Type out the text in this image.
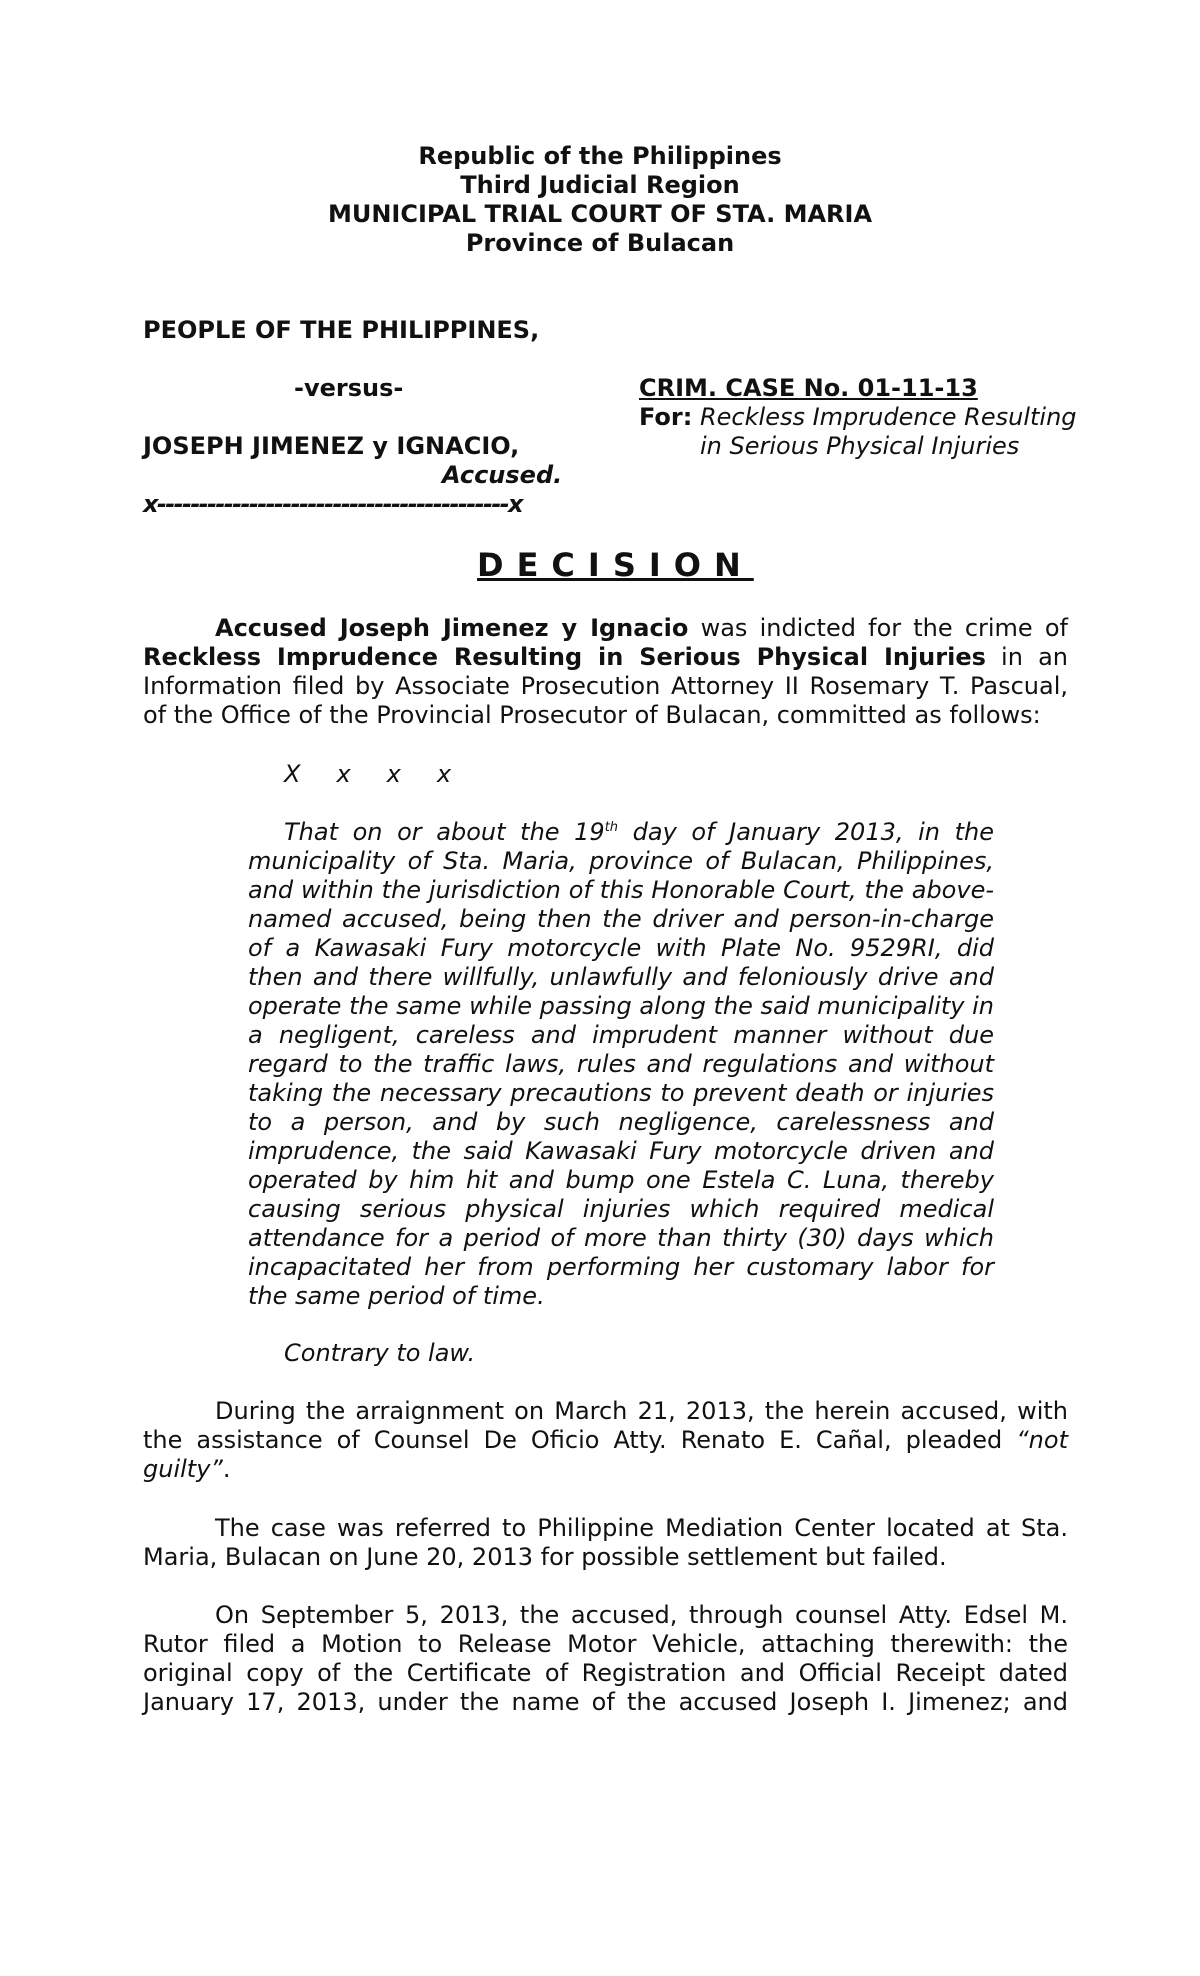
Republic of the Philippines
Third Judicial Region
MUNICIPAL TRIAL COURT OF STA. MARIA
Province of Bulacan
PEOPLE OF THE PHILIPPINES,
-versus-	CRIM. CASE No. 01-11-13
For: Reckless Imprudence Resulting
in Serious Physical Injuries
JOSEPH JIMENEZ y IGNACIO,
Accused.
x------------------------------------------x
DECISION
Accused Joseph Jimenez y Ignacio was indicted for the crime of Reckless Imprudence Resulting in Serious Physical Injuries in an Information filed by Associate Prosecution Attorney II Rosemary T. Pascual, of the Office of the Provincial Prosecutor of Bulacan, committed as follows:
X x x x
That on or about the 19th day of January 2013, in the municipality of Sta. Maria, province of Bulacan, Philippines, and within the jurisdiction of this Honorable Court, the above-named accused, being then the driver and person-in-charge of a Kawasaki Fury motorcycle with Plate No. 9529RI, did then and there willfully, unlawfully and feloniously drive and operate the same while passing along the said municipality in a negligent, careless and imprudent manner without due regard to the traffic laws, rules and regulations and without taking the necessary precautions to prevent death or injuries to a person, and by such negligence, carelessness and imprudence, the said Kawasaki Fury motorcycle driven and operated by him hit and bump one Estela C. Luna, thereby causing serious physical injuries which required medical attendance for a period of more than thirty (30) days which incapacitated her from performing her customary labor for the same period of time.
Contrary to law.
During the arraignment on March 21, 2013, the herein accused, with the assistance of Counsel De Oficio Atty. Renato E. Cañal, pleaded “not guilty”.
The case was referred to Philippine Mediation Center located at Sta. Maria, Bulacan on June 20, 2013 for possible settlement but failed.
On September 5, 2013, the accused, through counsel Atty. Edsel M. Rutor filed a Motion to Release Motor Vehicle, attaching therewith: the original copy of the Certificate of Registration and Official Receipt dated January 17, 2013, under the name of the accused Joseph I. Jimenez; and
